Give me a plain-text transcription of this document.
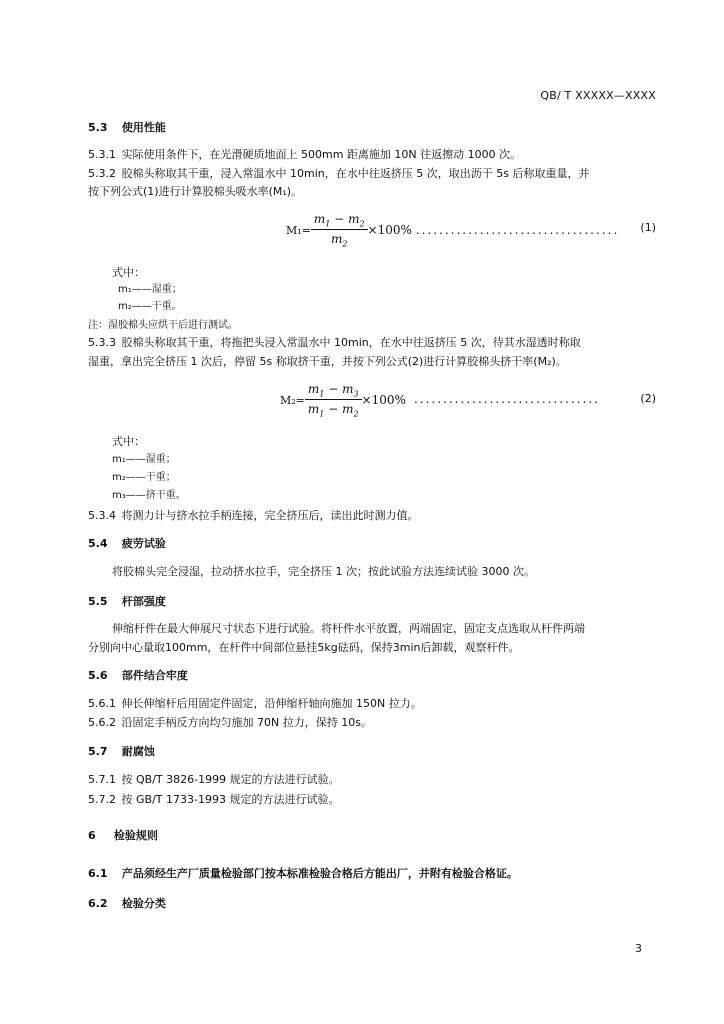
QB/ T XXXXX—XXXX
5.3 使用性能
5.3.1 实际使用条件下，在光滑硬质地面上 500mm 距离施加 10N 往返擦动 1000 次。
5.3.2 胶棉头称取其干重，浸入常温水中 10min，在水中往返挤压 5 次，取出沥干 5s 后称取重量，并
按下列公式(1)进行计算胶棉头吸水率(M₁)。
$M_1= \frac{m_1 - m_2}{m_2} \times 100\%$ ................................... (1)
式中：
m₁——湿重；
m₂——干重。
注：湿胶棉头应烘干后进行测试。
5.3.3 胶棉头称取其干重，将拖把头浸入常温水中 10min，在水中往返挤压 5 次，待其水湿透时称取
湿重，拿出完全挤压 1 次后，停留 5s 称取挤干重，并按下列公式(2)进行计算胶棉头挤干率(M₂)。
$M_2= \frac{m_1 - m_3}{m_1 - m_2} \times 100\%$ ................................	(2)
式中：
m₁——湿重；
m₂——干重；
m₃——挤干重。
5.3.4 将测力计与挤水拉手柄连接，完全挤压后，读出此时测力值。
5.4 疲劳试验
将胶棉头完全浸湿，拉动挤水拉手，完全挤压 1 次；按此试验方法连续试验 3000 次。
5.5 杆部强度
伸缩杆件在最大伸展尺寸状态下进行试验。将杆件水平放置，两端固定，固定支点选取从杆件两端
分别向中心量取100mm，在杆件中间部位悬挂5kg砝码，保持3min后卸载，观察杆件。
5.6 部件结合牢度
5.6.1 伸长伸缩杆后用固定件固定，沿伸缩杆轴向施加 150N 拉力。
5.6.2 沿固定手柄反方向均匀施加 70N 拉力，保持 10s。
5.7 耐腐蚀
5.7.1 按 QB/T 3826-1999 规定的方法进行试验。
5.7.2 按 GB/T 1733-1993 规定的方法进行试验。
6 检验规则
6.1 产品须经生产厂质量检验部门按本标准检验合格后方能出厂，并附有检验合格证。
6.2 检验分类
3
